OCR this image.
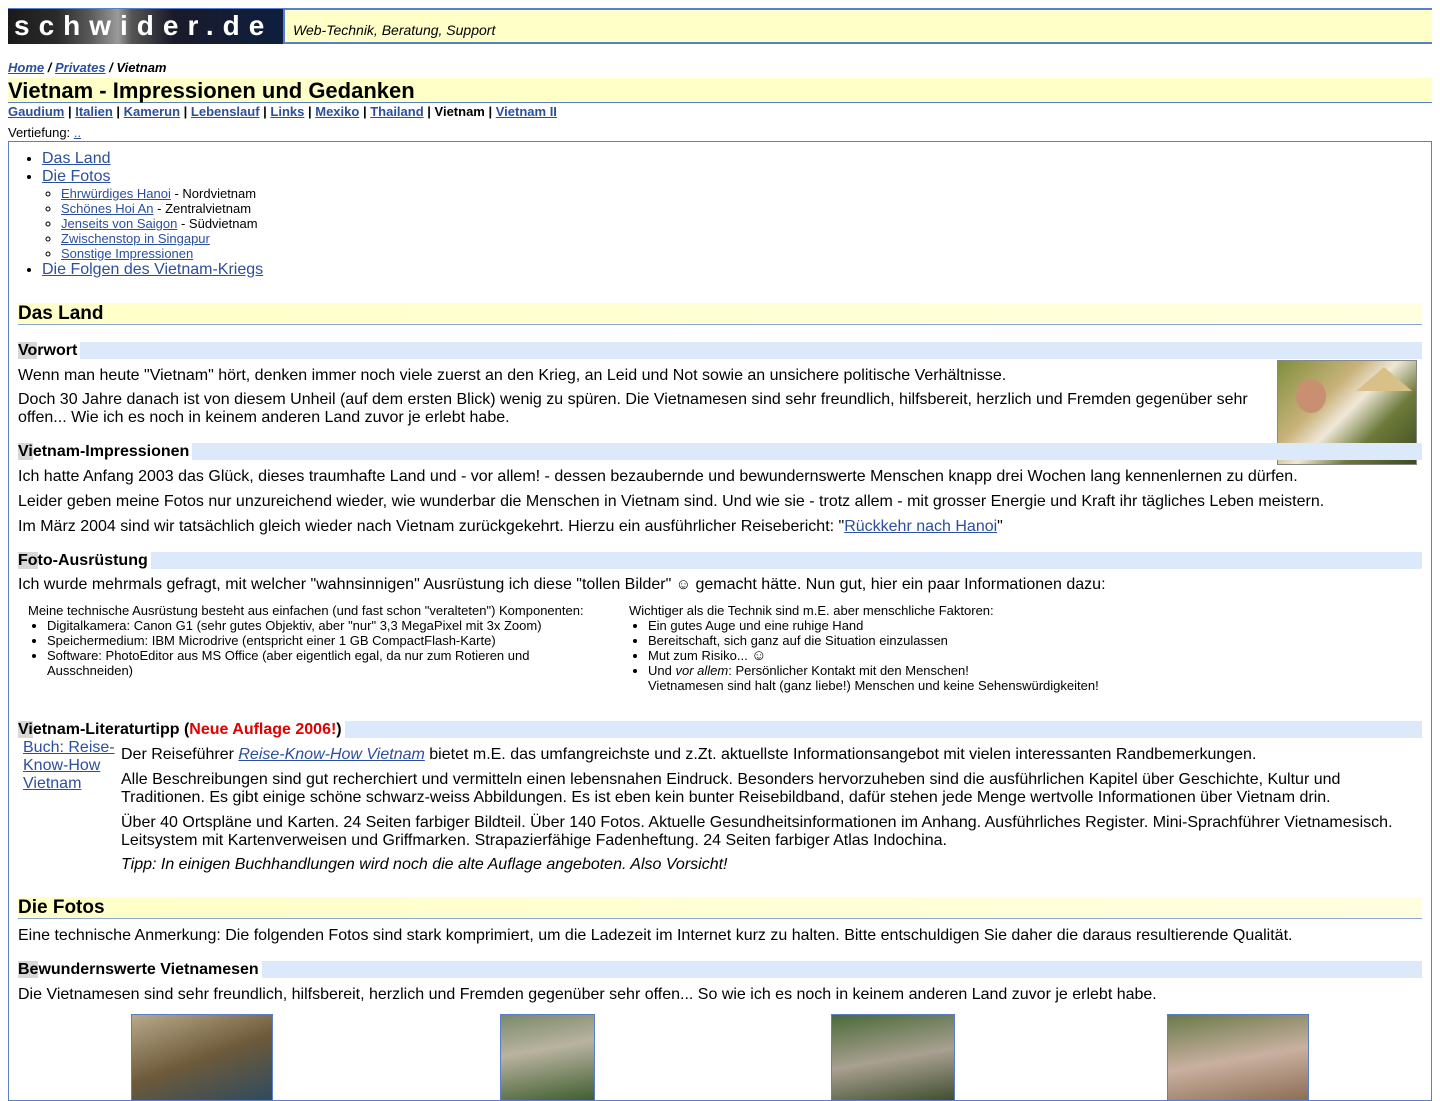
schwider.de	Web-Technik, Beratung, Support
Home / Privates / Vietnam
Vietnam - Impressionen und Gedanken
Gaudium | Italien | Kamerun | Lebenslauf | Links | Mexiko | Thailand | Vietnam | Vietnam II
Vertiefung: ..
• Das Land
• Die Fotos
◦ Ehrwürdiges Hanoi - Nordvietnam
◦ Schönes Hoi An - Zentralvietnam
◦ Jenseits von Saigon - Südvietnam
◦ Zwischenstop in Singapur
◦ Sonstige Impressionen
• Die Folgen des Vietnam-Kriegs
Das Land
Vorwort
Wenn man heute "Vietnam" hört, denken immer noch viele zuerst an den Krieg, an Leid und Not sowie an unsichere politische Verhältnisse.
Doch 30 Jahre danach ist von diesem Unheil (auf dem ersten Blick) wenig zu spüren. Die Vietnamesen sind sehr freundlich, hilfsbereit, herzlich und Fremden gegenüber sehr
offen... Wie ich es noch in keinem anderen Land zuvor je erlebt habe.
Vietnam-Impressionen
Ich hatte Anfang 2003 das Glück, dieses traumhafte Land und - vor allem! - dessen bezaubernde und bewundernswerte Menschen knapp drei Wochen lang kennenlernen zu dürfen.
Leider geben meine Fotos nur unzureichend wieder, wie wunderbar die Menschen in Vietnam sind. Und wie sie - trotz allem - mit grosser Energie und Kraft ihr tägliches Leben meistern.
Im März 2004 sind wir tatsächlich gleich wieder nach Vietnam zurückgekehrt. Hierzu ein ausführlicher Reisebericht: "Rückkehr nach Hanoi"
Foto-Ausrüstung
Ich wurde mehrmals gefragt, mit welcher "wahnsinnigen" Ausrüstung ich diese "tollen Bilder" ☺ gemacht hätte. Nun gut, hier ein paar Informationen dazu:
Meine technische Ausrüstung besteht aus einfachen (und fast schon "veralteten") Komponenten:
• Digitalkamera: Canon G1 (sehr gutes Objektiv, aber "nur" 3,3 MegaPixel mit 3x Zoom)
• Speichermedium: IBM Microdrive (entspricht einer 1 GB CompactFlash-Karte)
• Software: PhotoEditor aus MS Office (aber eigentlich egal, da nur zum Rotieren und Ausschneiden)
Wichtiger als die Technik sind m.E. aber menschliche Faktoren:
• Ein gutes Auge und eine ruhige Hand
• Bereitschaft, sich ganz auf die Situation einzulassen
• Mut zum Risiko... ☺
• Und vor allem: Persönlicher Kontakt mit den Menschen!
Vietnamesen sind halt (ganz liebe!) Menschen und keine Sehenswürdigkeiten!
Vietnam-Literaturtipp (Neue Auflage 2006!)
Buch: Reise-Know-How Vietnam
Der Reiseführer Reise-Know-How Vietnam bietet m.E. das umfangreichste und z.Zt. aktuellste Informationsangebot mit vielen interessanten Randbemerkungen.
Alle Beschreibungen sind gut recherchiert und vermitteln einen lebensnahen Eindruck. Besonders hervorzuheben sind die ausführlichen Kapitel über Geschichte, Kultur und
Traditionen. Es gibt einige schöne schwarz-weiss Abbildungen. Es ist eben kein bunter Reisebildband, dafür stehen jede Menge wertvolle Informationen über Vietnam drin.
Über 40 Ortspläne und Karten. 24 Seiten farbiger Bildteil. Über 140 Fotos. Aktuelle Gesundheitsinformationen im Anhang. Ausführliches Register. Mini-Sprachführer Vietnamesisch.
Leitsystem mit Kartenverweisen und Griffmarken. Strapazierfähige Fadenheftung. 24 Seiten farbiger Atlas Indochina.
Tipp: In einigen Buchhandlungen wird noch die alte Auflage angeboten. Also Vorsicht!
Die Fotos
Eine technische Anmerkung: Die folgenden Fotos sind stark komprimiert, um die Ladezeit im Internet kurz zu halten. Bitte entschuldigen Sie daher die daraus resultierende Qualität.
Bewundernswerte Vietnamesen
Die Vietnamesen sind sehr freundlich, hilfsbereit, herzlich und Fremden gegenüber sehr offen... So wie ich es noch in keinem anderen Land zuvor je erlebt habe.
